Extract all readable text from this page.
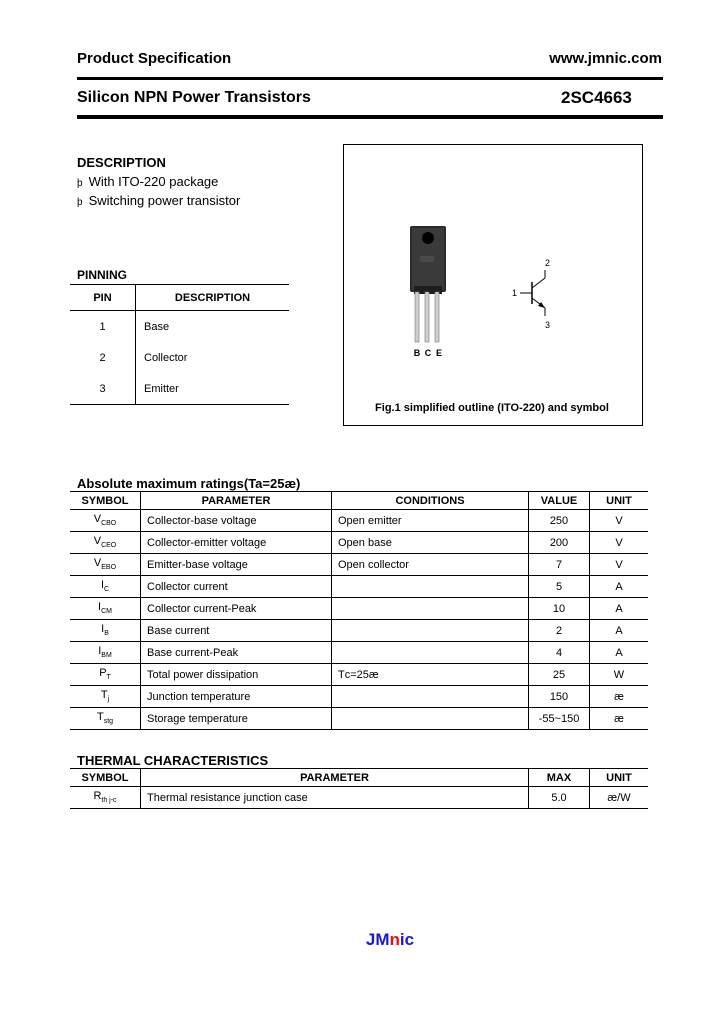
Product Specification	www.jmnic.com
Silicon NPN Power Transistors	2SC4663
DESCRIPTION
þ With ITO-220 package
þ Switching power transistor
PINNING
PIN	DESCRIPTION
1	Base
2	Collector
3	Emitter
B C E
1
2
3
Fig.1 simplified outline (ITO-220) and symbol
Absolute maximum ratings(Ta=25æ)
SYMBOL	PARAMETER	CONDITIONS	VALUE	UNIT
$V_{CBO}$	Collector-base voltage	Open emitter	250	V
$V_{CEO}$	Collector-emitter voltage	Open base	200	V
$V_{EBO}$	Emitter-base voltage	Open collector	7	V
$I_C$	Collector current		5	A
$I_{CM}$	Collector current-Peak		10	A
$I_B$	Base current		2	A
$I_{BM}$	Base current-Peak		4	A
$P_T$	Total power dissipation	Tᴄ=25æ	25	W
$T_j$	Junction temperature		150	æ
$T_{stg}$	Storage temperature		-55~150	æ
THERMAL CHARACTERISTICS
SYMBOL	PARAMETER	MAX	UNIT
$R_{th j-c}$	Thermal resistance junction case	5.0	æ/W
JMnic
